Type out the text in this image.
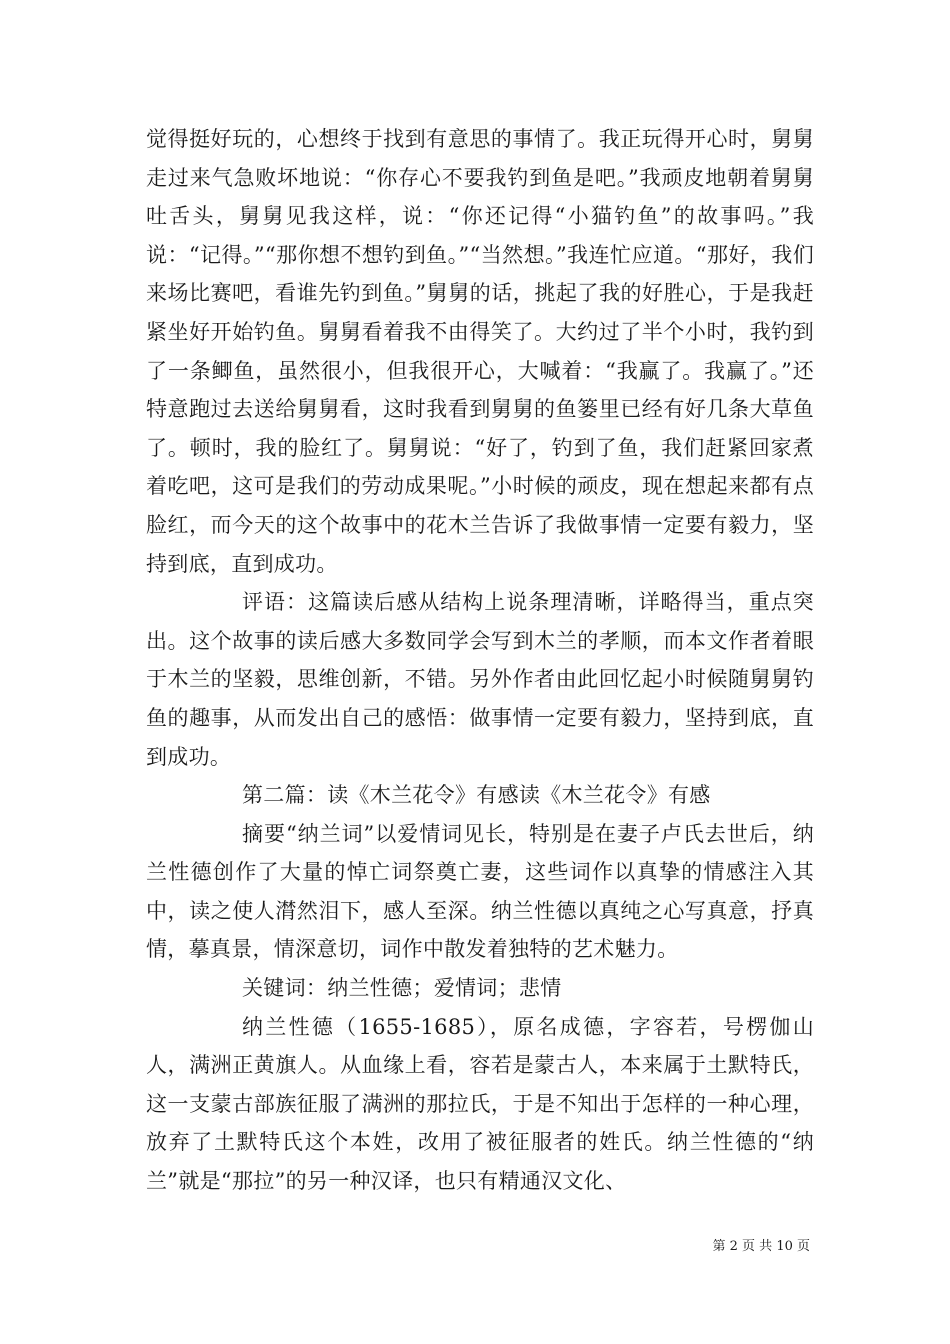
觉得挺好玩的，心想终于找到有意思的事情了。我正玩得开心时，舅舅走过来气急败坏地说：“你存心不要我钓到鱼是吧。”我顽皮地朝着舅舅吐舌头，舅舅见我这样，说：“你还记得“小猫钓鱼”的故事吗。”我说：“记得。”“那你想不想钓到鱼。”“当然想。”我连忙应道。“那好，我们来场比赛吧，看谁先钓到鱼。”舅舅的话，挑起了我的好胜心，于是我赶紧坐好开始钓鱼。舅舅看着我不由得笑了。大约过了半个小时，我钓到了一条鲫鱼，虽然很小，但我很开心，大喊着：“我赢了。我赢了。”还特意跑过去送给舅舅看，这时我看到舅舅的鱼篓里已经有好几条大草鱼了。顿时，我的脸红了。舅舅说：“好了，钓到了鱼，我们赶紧回家煮着吃吧，这可是我们的劳动成果呢。”小时候的顽皮，现在想起来都有点脸红，而今天的这个故事中的花木兰告诉了我做事情一定要有毅力，坚持到底，直到成功。

评语：这篇读后感从结构上说条理清晰，详略得当，重点突出。这个故事的读后感大多数同学会写到木兰的孝顺，而本文作者着眼于木兰的坚毅，思维创新，不错。另外作者由此回忆起小时候随舅舅钓鱼的趣事，从而发出自己的感悟：做事情一定要有毅力，坚持到底，直到成功。

第二篇：读《木兰花令》有感读《木兰花令》有感

摘要“纳兰词”以爱情词见长，特别是在妻子卢氏去世后，纳兰性德创作了大量的悼亡词祭奠亡妻，这些词作以真挚的情感注入其中，读之使人潸然泪下，感人至深。纳兰性德以真纯之心写真意，抒真情，摹真景，情深意切，词作中散发着独特的艺术魅力。

关键词：纳兰性德；爱情词；悲情

纳兰性德（1655-1685），原名成德，字容若，号楞伽山人，满洲正黄旗人。从血缘上看，容若是蒙古人，本来属于土默特氏，这一支蒙古部族征服了满洲的那拉氏，于是不知出于怎样的一种心理，放弃了土默特氏这个本姓，改用了被征服者的姓氏。纳兰性德的“纳兰”就是“那拉”的另一种汉译，也只有精通汉文化、

第 2 页 共 10 页
